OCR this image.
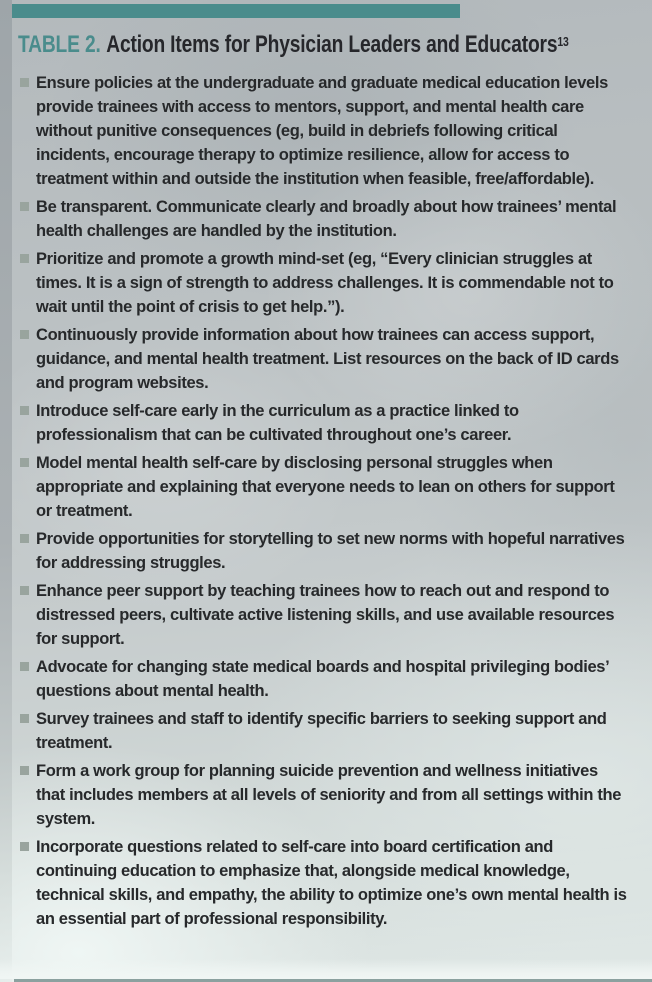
TABLE 2. Action Items for Physician Leaders and Educators$^{13}$
Ensure policies at the undergraduate and graduate medical education levels provide trainees with access to mentors, support, and mental health care without punitive consequences (eg, build in debriefs following critical incidents, encourage therapy to optimize resilience, allow for access to treatment within and outside the institution when feasible, free/affordable).
Be transparent. Communicate clearly and broadly about how trainees’ mental health challenges are handled by the institution.
Prioritize and promote a growth mind-set (eg, “Every clinician struggles at times. It is a sign of strength to address challenges. It is commendable not to wait until the point of crisis to get help.”).
Continuously provide information about how trainees can access support, guidance, and mental health treatment. List resources on the back of ID cards and program websites.
Introduce self-care early in the curriculum as a practice linked to professionalism that can be cultivated throughout one’s career.
Model mental health self-care by disclosing personal struggles when appropriate and explaining that everyone needs to lean on others for support or treatment.
Provide opportunities for storytelling to set new norms with hopeful narratives for addressing struggles.
Enhance peer support by teaching trainees how to reach out and respond to distressed peers, cultivate active listening skills, and use available resources for support.
Advocate for changing state medical boards and hospital privileging bodies’ questions about mental health.
Survey trainees and staff to identify specific barriers to seeking support and treatment.
Form a work group for planning suicide prevention and wellness initiatives that includes members at all levels of seniority and from all settings within the system.
Incorporate questions related to self-care into board certification and continuing education to emphasize that, alongside medical knowledge, technical skills, and empathy, the ability to optimize one’s own mental health is an essential part of professional responsibility.
